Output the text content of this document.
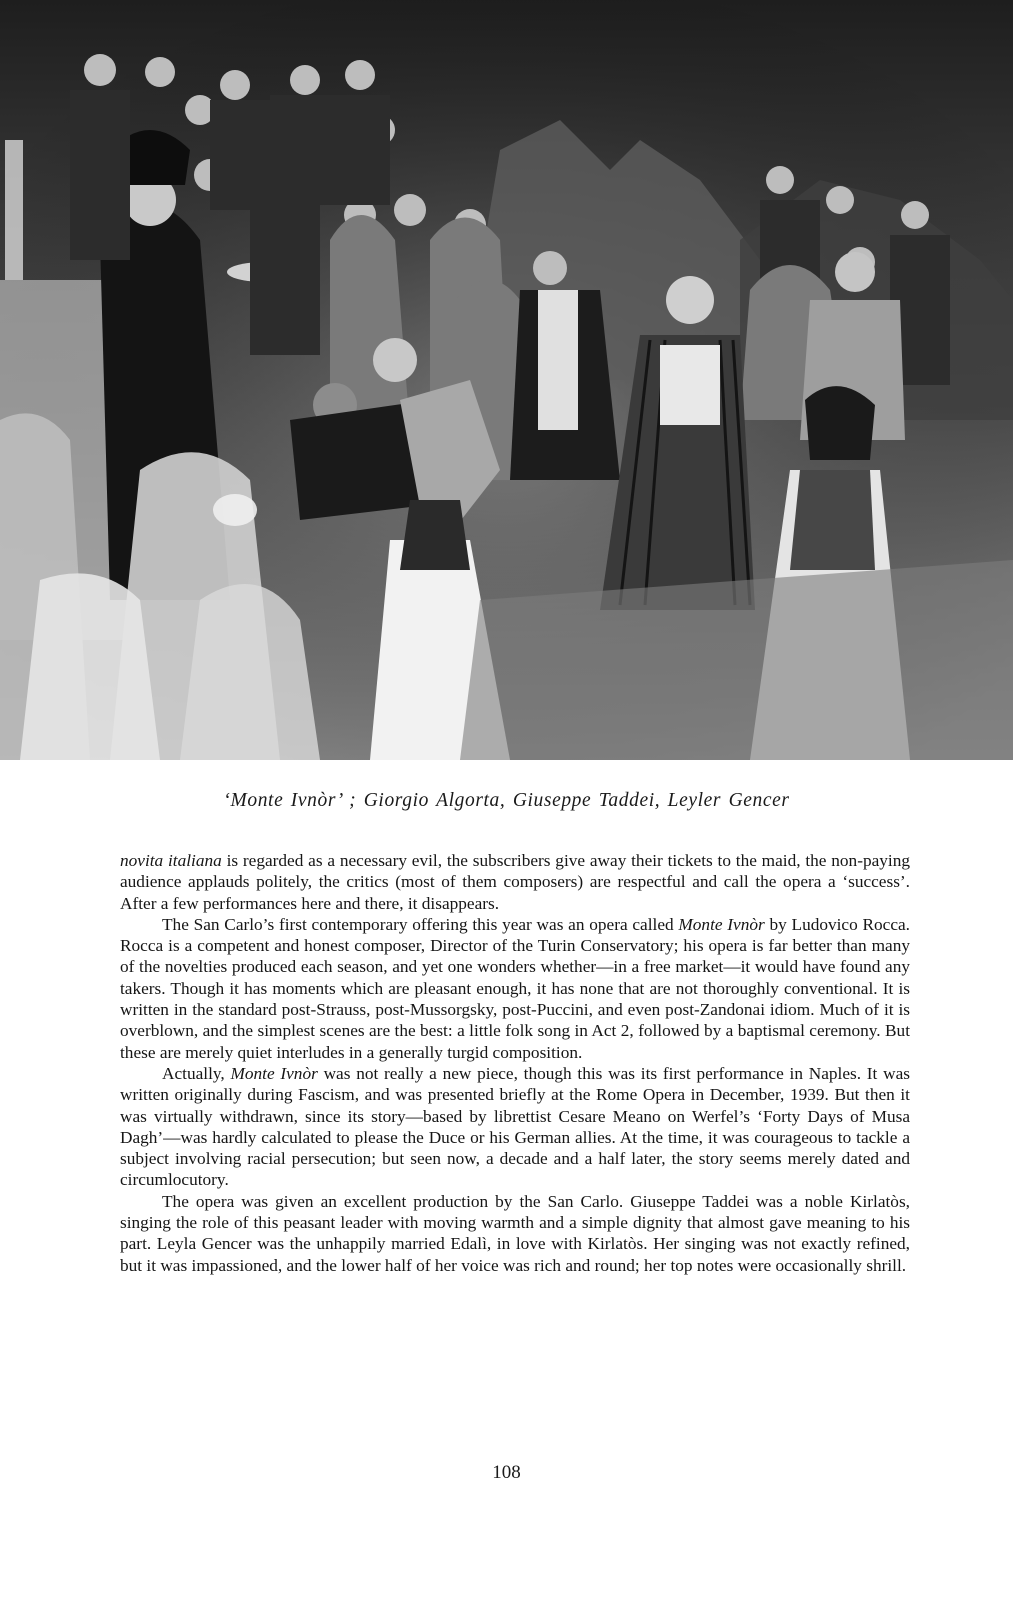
‘Monte Ivnòr’ ; Giorgio Algorta, Giuseppe Taddei, Leyler Gencer

novita italiana is regarded as a necessary evil, the subscribers give away their tickets to the maid, the non-paying audience applauds politely, the critics (most of them composers) are respectful and call the opera a ‘success’. After a few performances here and there, it disappears.

The San Carlo’s first contemporary offering this year was an opera called Monte Ivnòr by Ludovico Rocca. Rocca is a competent and honest composer, Director of the Turin Conservatory; his opera is far better than many of the novelties produced each season, and yet one wonders whether—in a free market—it would have found any takers. Though it has moments which are pleasant enough, it has none that are not thoroughly conventional. It is written in the standard post-Strauss, post-Mussorgsky, post-Puccini, and even post-Zandonai idiom. Much of it is overblown, and the simplest scenes are the best: a little folk song in Act 2, followed by a baptismal ceremony. But these are merely quiet interludes in a generally turgid composition.

Actually, Monte Ivnòr was not really a new piece, though this was its first performance in Naples. It was written originally during Fascism, and was presented briefly at the Rome Opera in December, 1939. But then it was virtually withdrawn, since its story—based by librettist Cesare Meano on Werfel’s ‘Forty Days of Musa Dagh’—was hardly calculated to please the Duce or his German allies. At the time, it was courageous to tackle a subject involving racial persecution; but seen now, a decade and a half later, the story seems merely dated and circumlocutory.

The opera was given an excellent production by the San Carlo. Giuseppe Taddei was a noble Kirlatòs, singing the role of this peasant leader with moving warmth and a simple dignity that almost gave meaning to his part. Leyla Gencer was the unhappily married Edalì, in love with Kirlatòs. Her singing was not exactly refined, but it was impassioned, and the lower half of her voice was rich and round; her top notes were occasionally shrill.

108
